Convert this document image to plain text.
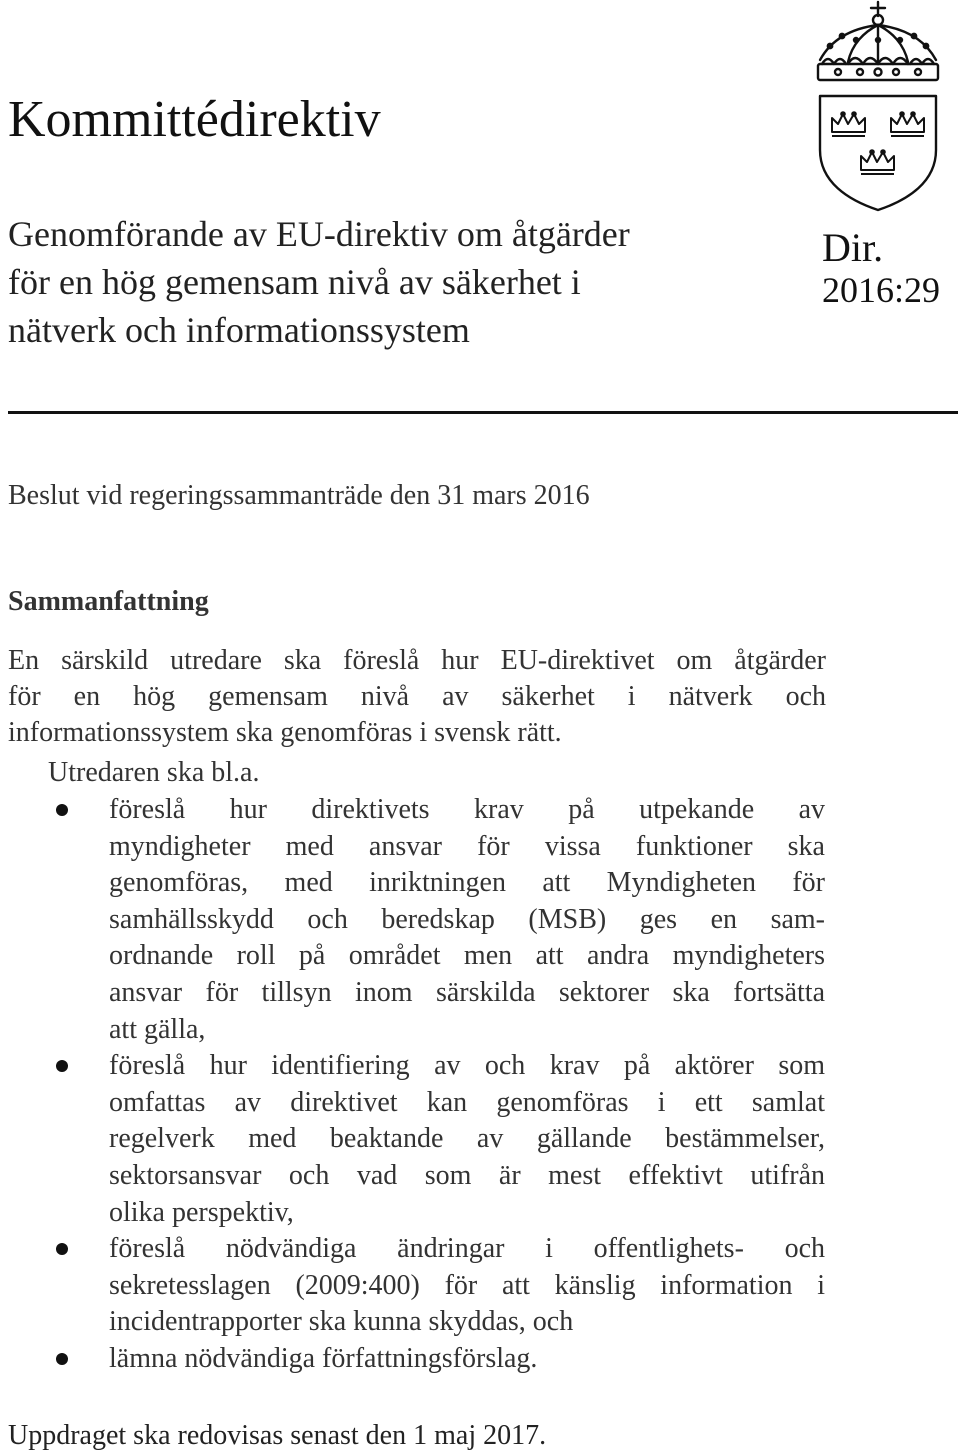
Kommittédirektiv
Genomförande av EU-direktiv om åtgärder
för en hög gemensam nivå av säkerhet i
nätverk och informationssystem
Dir.
2016:29
Beslut vid regeringssammanträde den 31 mars 2016
Sammanfattning
En särskild utredare ska föreslå hur EU-direktivet om åtgärder
för en hög gemensam nivå av säkerhet i nätverk och
informationssystem ska genomföras i svensk rätt.
Utredaren ska bl.a.
föreslå hur direktivets krav på utpekande av
myndigheter med ansvar för vissa funktioner ska
genomföras, med inriktningen att Myndigheten för
samhällsskydd och beredskap (MSB) ges en sam-
ordnande roll på området men att andra myndigheters
ansvar för tillsyn inom särskilda sektorer ska fortsätta
att gälla,
föreslå hur identifiering av och krav på aktörer som
omfattas av direktivet kan genomföras i ett samlat
regelverk med beaktande av gällande bestämmelser,
sektorsansvar och vad som är mest effektivt utifrån
olika perspektiv,
föreslå nödvändiga ändringar i offentlighets- och
sekretesslagen (2009:400) för att känslig information i
incidentrapporter ska kunna skyddas, och
lämna nödvändiga författningsförslag.
Uppdraget ska redovisas senast den 1 maj 2017.
